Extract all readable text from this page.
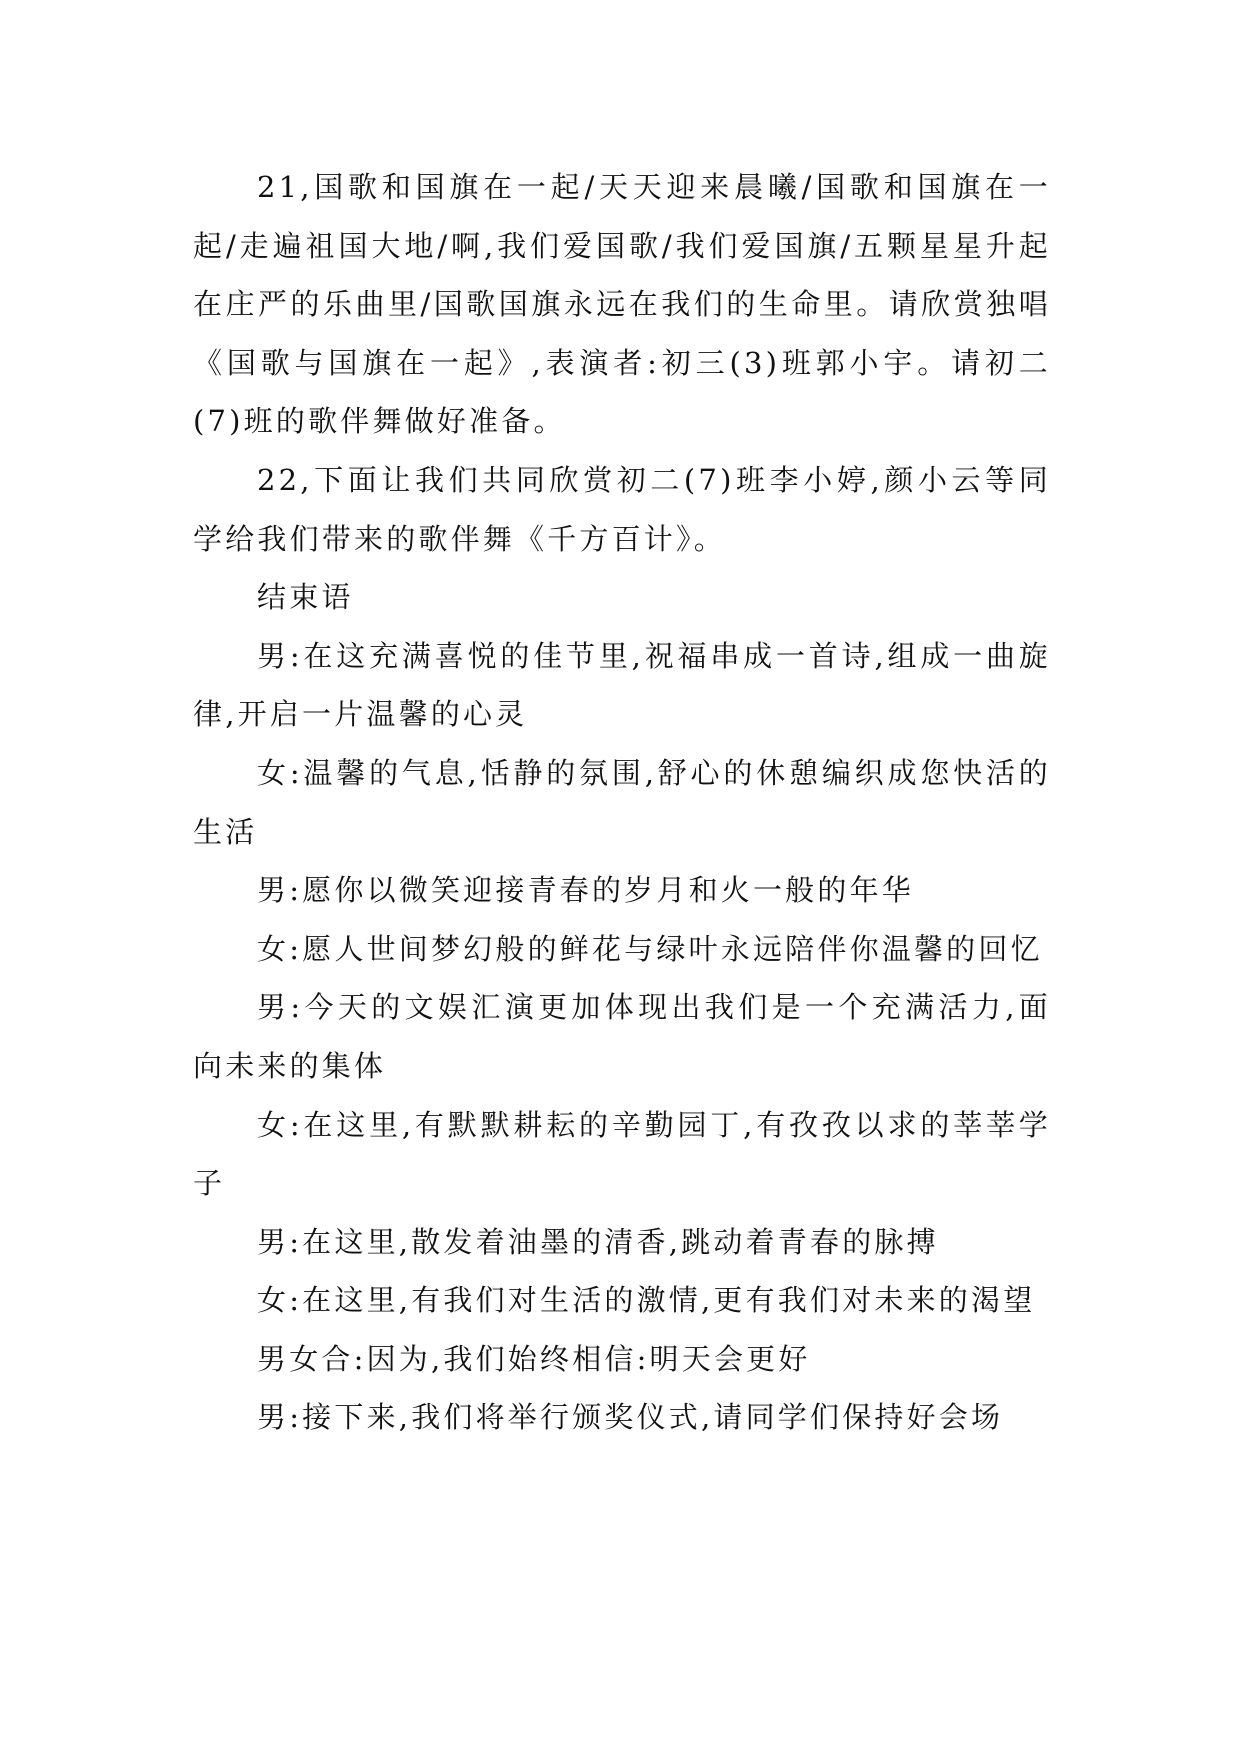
21,国歌和国旗在一起/天天迎来晨曦/国歌和国旗在一起/走遍祖国大地/啊,我们爱国歌/我们爱国旗/五颗星星升起在庄严的乐曲里/国歌国旗永远在我们的生命里。请欣赏独唱《国歌与国旗在一起》,表演者:初三(3)班郭小宇。请初二(7)班的歌伴舞做好准备。

22,下面让我们共同欣赏初二(7)班李小婷,颜小云等同学给我们带来的歌伴舞《千方百计》。

结束语

男:在这充满喜悦的佳节里,祝福串成一首诗,组成一曲旋律,开启一片温馨的心灵

女:温馨的气息,恬静的氛围,舒心的休憩编织成您快活的生活

男:愿你以微笑迎接青春的岁月和火一般的年华

女:愿人世间梦幻般的鲜花与绿叶永远陪伴你温馨的回忆

男:今天的文娱汇演更加体现出我们是一个充满活力,面向未来的集体

女:在这里,有默默耕耘的辛勤园丁,有孜孜以求的莘莘学子

男:在这里,散发着油墨的清香,跳动着青春的脉搏

女:在这里,有我们对生活的激情,更有我们对未来的渴望

男女合:因为,我们始终相信:明天会更好

男:接下来,我们将举行颁奖仪式,请同学们保持好会场
